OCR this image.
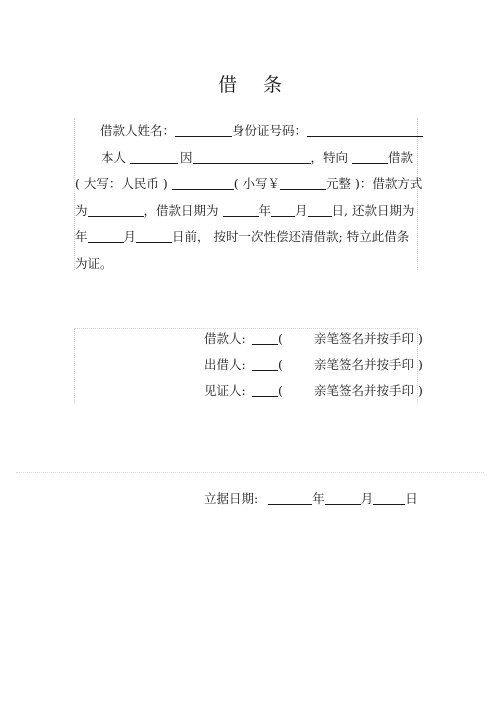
借 条
借款人姓名：	身份证号码：
本人	因	，特向	借款
( 大写：人民币 )	( 小写￥	元整 )：借款方式
为	，借款日期为	年 月 日, 还款日期为
年	月	日前， 按时一次性偿还清借款; 特立此借条
为证。
借款人:	( 亲笔签名并按手印 )
出借人:	( 亲笔签名并按手印 )
见证人:	( 亲笔签名并按手印 )
立据日期:	年	月	日
